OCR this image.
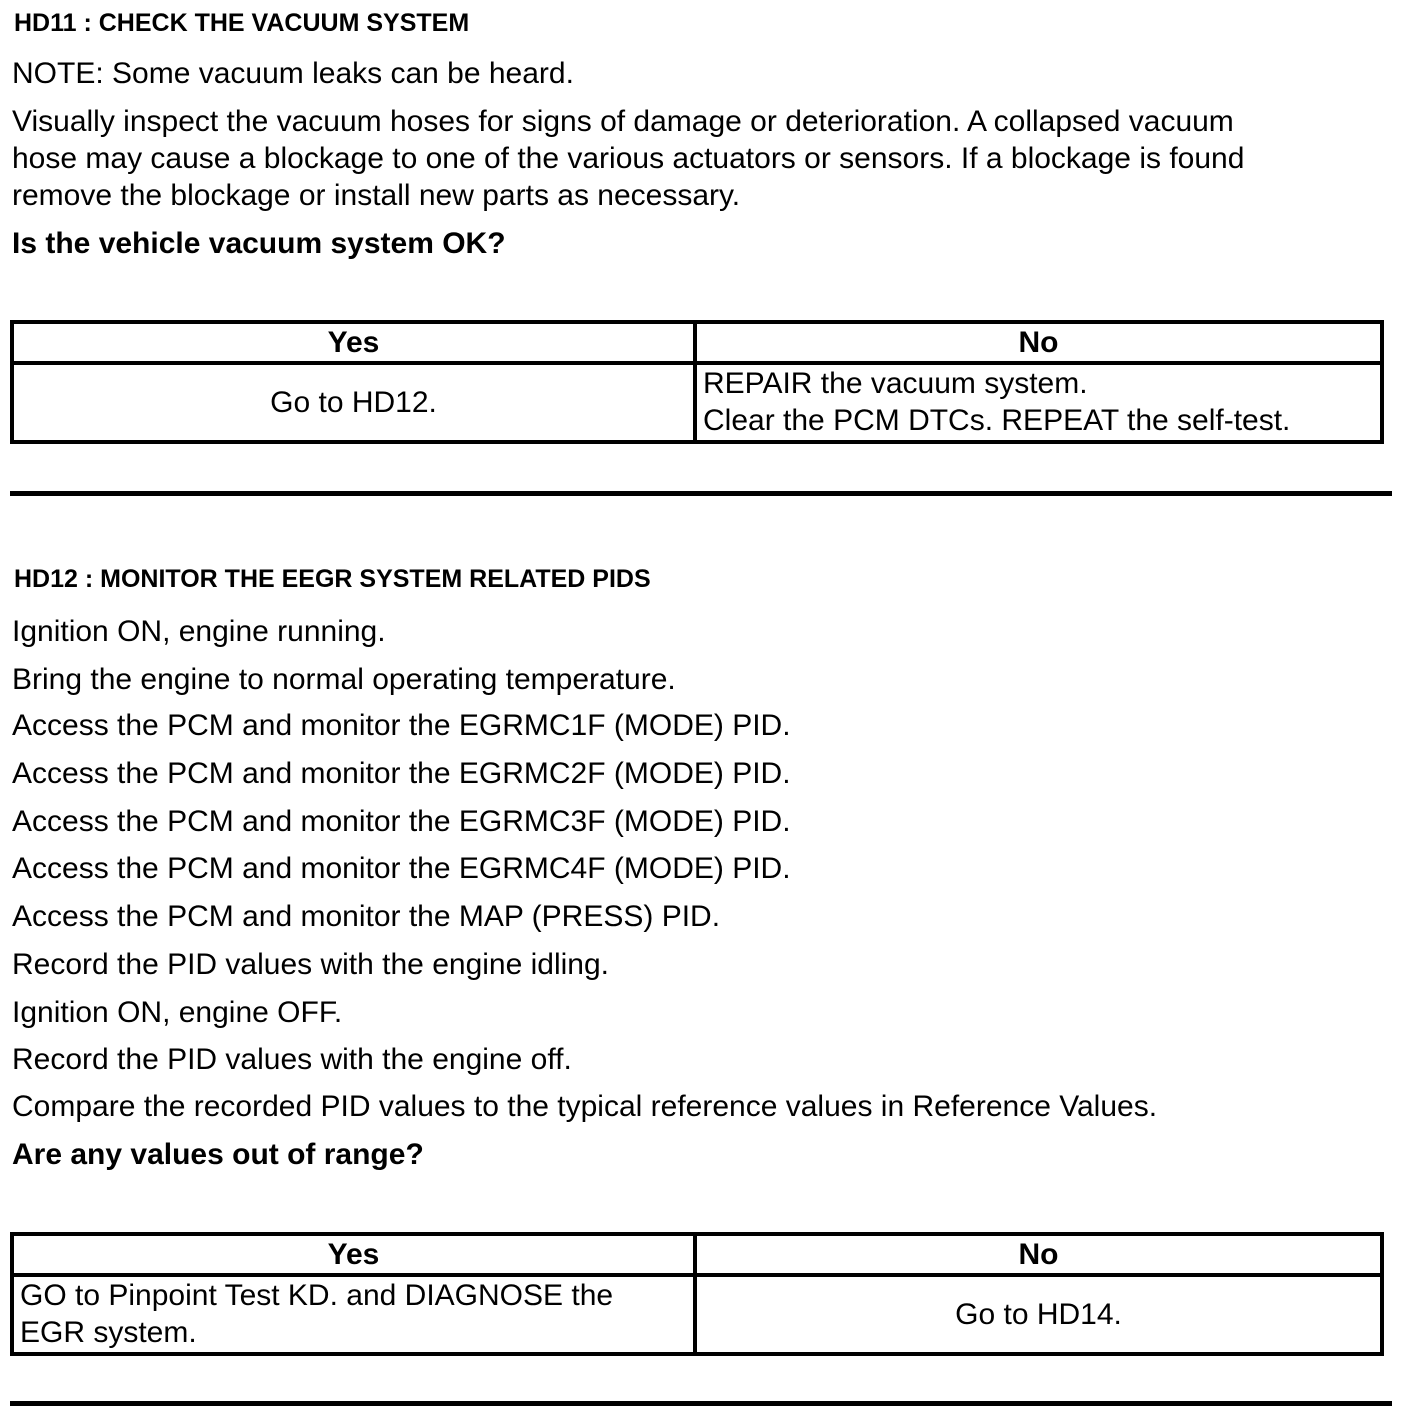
HD11 : CHECK THE VACUUM SYSTEM
NOTE: Some vacuum leaks can be heard.
Visually inspect the vacuum hoses for signs of damage or deterioration. A collapsed vacuum
hose may cause a blockage to one of the various actuators or sensors. If a blockage is found
remove the blockage or install new parts as necessary.
Is the vehicle vacuum system OK?
Yes	No
Go to HD12.	REPAIR the vacuum system.
Clear the PCM DTCs. REPEAT the self-test.
HD12 : MONITOR THE EEGR SYSTEM RELATED PIDS
Ignition ON, engine running.
Bring the engine to normal operating temperature.
Access the PCM and monitor the EGRMC1F (MODE) PID.
Access the PCM and monitor the EGRMC2F (MODE) PID.
Access the PCM and monitor the EGRMC3F (MODE) PID.
Access the PCM and monitor the EGRMC4F (MODE) PID.
Access the PCM and monitor the MAP (PRESS) PID.
Record the PID values with the engine idling.
Ignition ON, engine OFF.
Record the PID values with the engine off.
Compare the recorded PID values to the typical reference values in Reference Values.
Are any values out of range?
Yes	No

GO to Pinpoint Test KD. and DIAGNOSE the
EGR system.	Go to HD14.
